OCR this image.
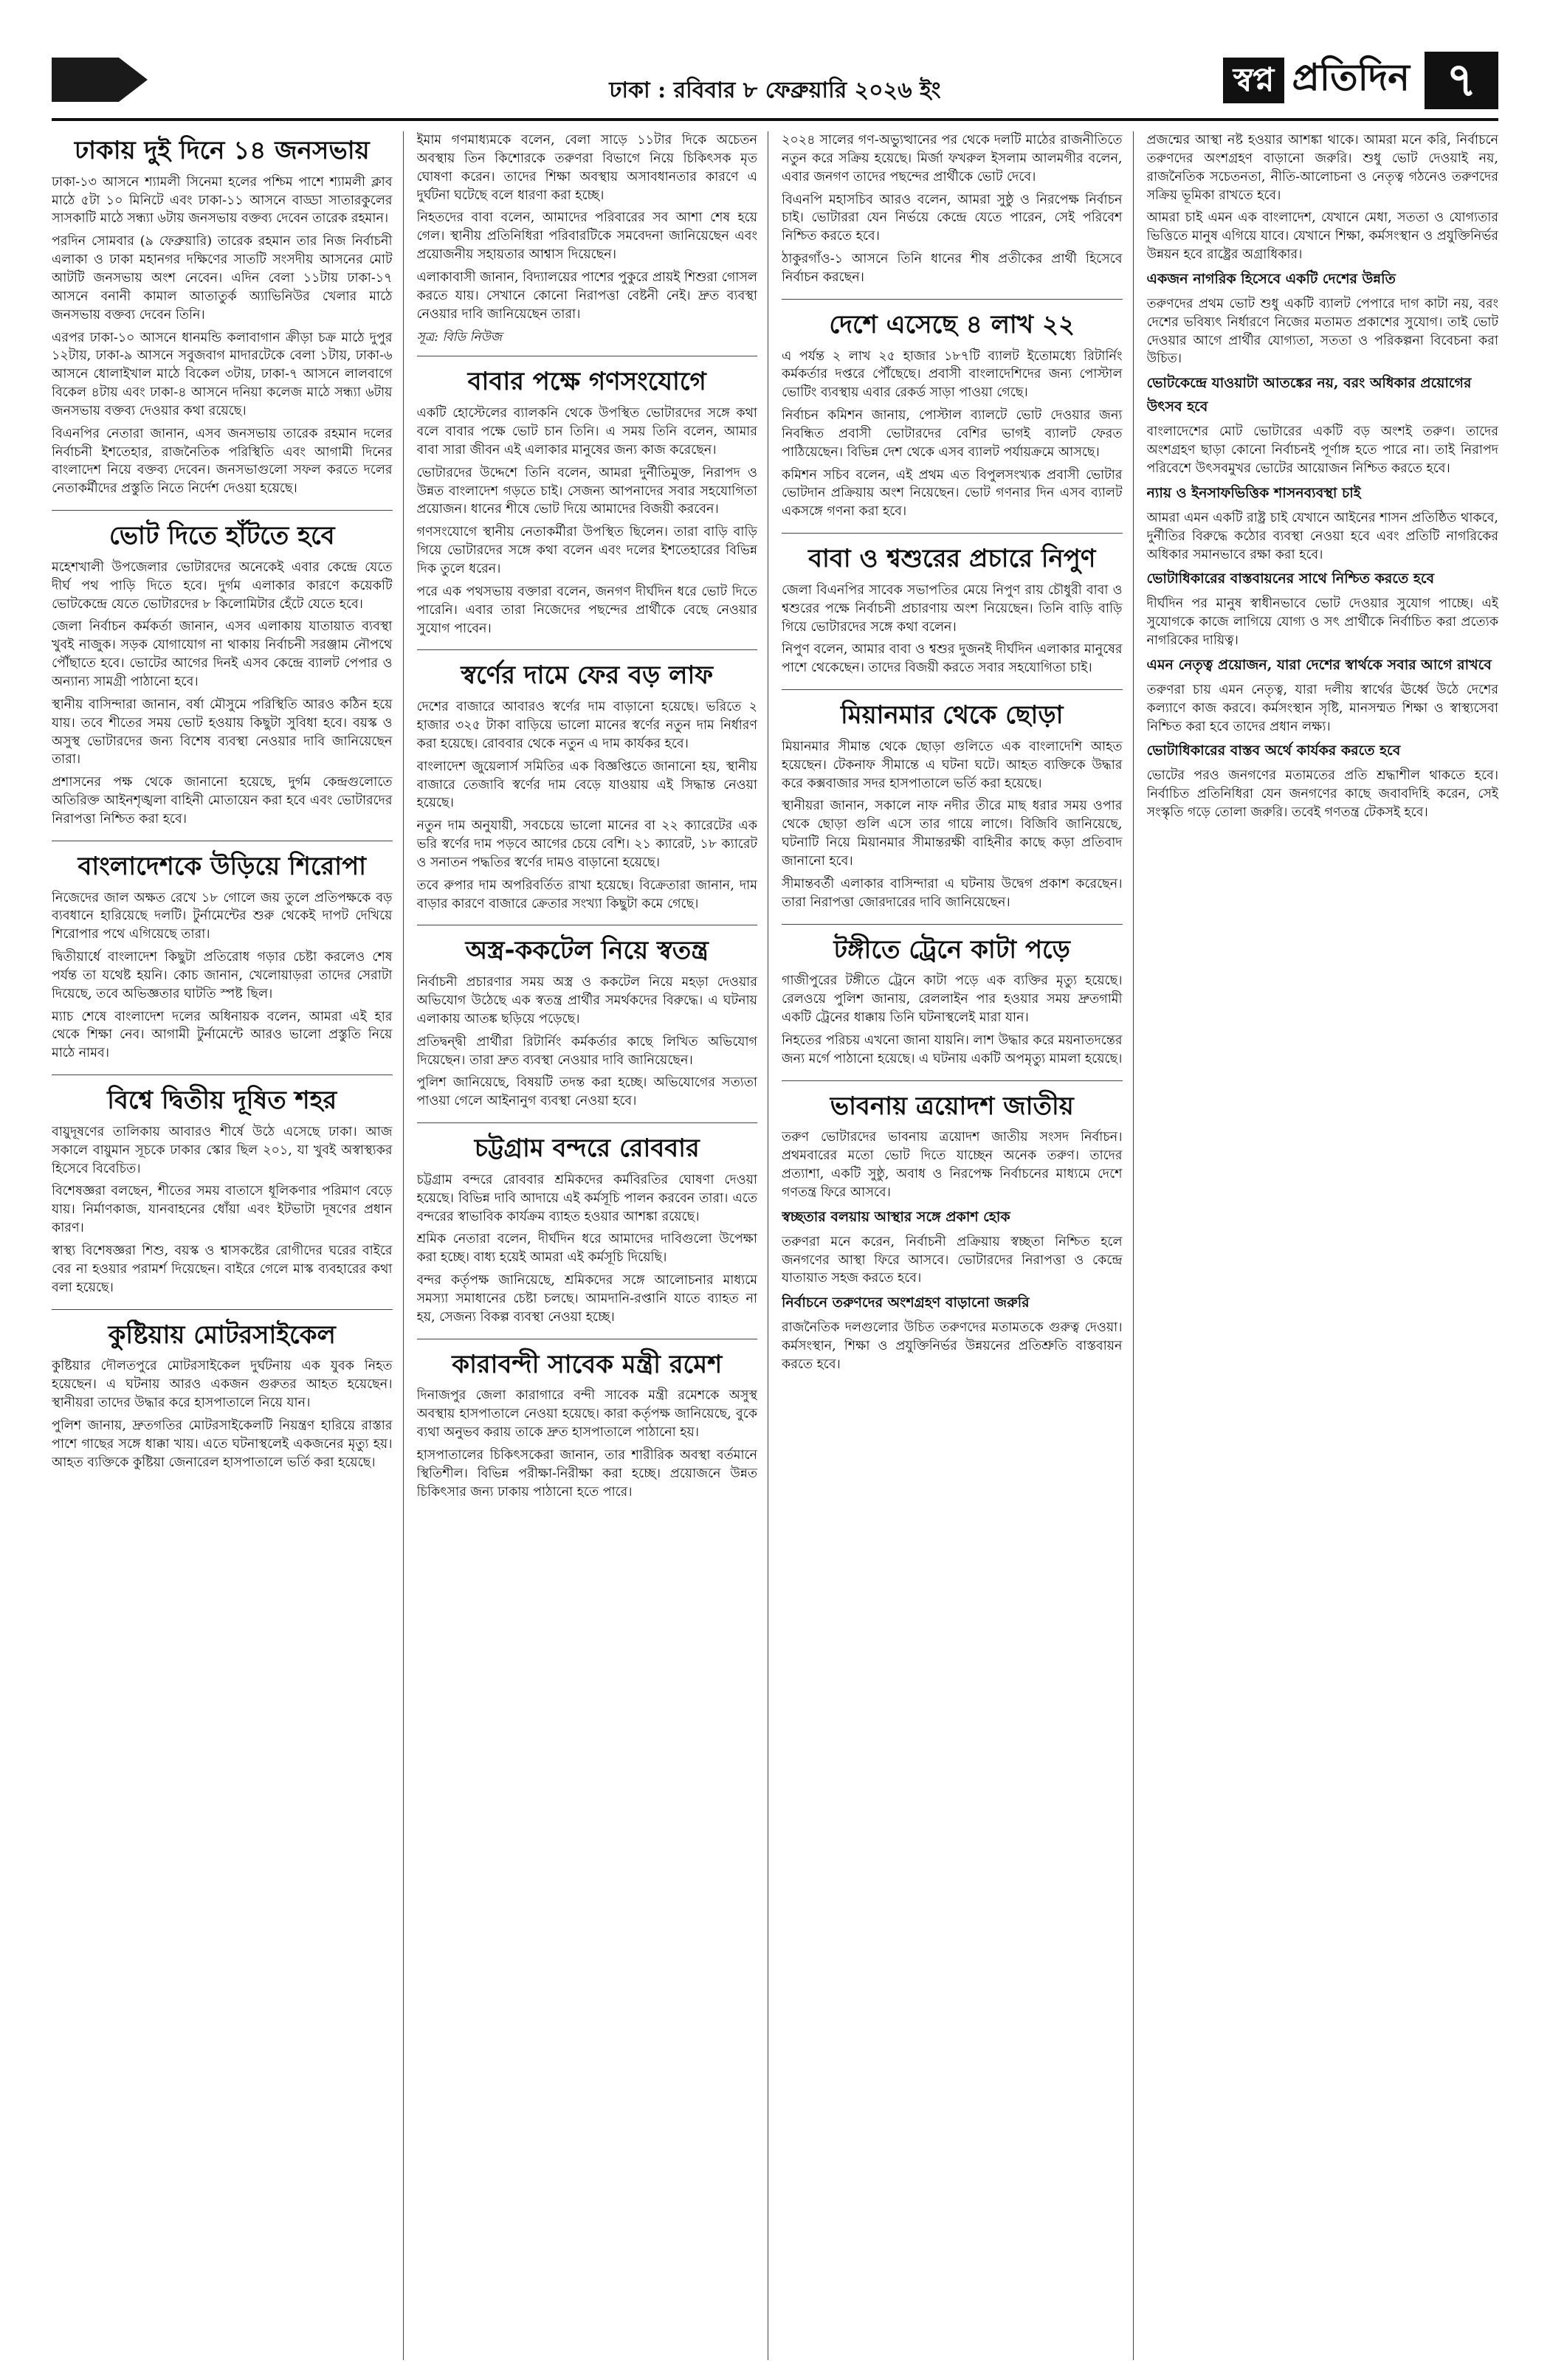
ঢাকা : রবিবার ৮ ফেব্রুয়ারি ২০২৬ ইং	স্বপ্ন প্রতিদিন ৭
ঢাকায় দুই দিনে ১৪ জনসভায়

ঢাকা-১৩ আসনে শ্যামলী সিনেমা হলের পশ্চিম পাশে শ্যামলী ক্লাব মাঠে ৫টা ১০ মিনিটে এবং ঢাকা-১১ আসনে বাড্ডা সাতারকুলের সাসকাটি মাঠে সন্ধ্যা ৬টায় জনসভায় বক্তব্য দেবেন তারেক রহমান।

পরদিন সোমবার (৯ ফেব্রুয়ারি) তারেক রহমান তার নিজ নির্বাচনী এলাকা ও ঢাকা মহানগর দক্ষিণের সাতটি সংসদীয় আসনের মোট আটটি জনসভায় অংশ নেবেন। এদিন বেলা ১১টায় ঢাকা-১৭ আসনে বনানী কামাল আতাতুর্ক অ্যাভিনিউর খেলার মাঠে জনসভায় বক্তব্য দেবেন তিনি।

এরপর ঢাকা-১০ আসনে ধানমন্ডি কলাবাগান ক্রীড়া চক্র মাঠে দুপুর ১২টায়, ঢাকা-৯ আসনে সবুজবাগ মাদারটেকে বেলা ১টায়, ঢাকা-৬ আসনে ধোলাইখাল মাঠে বিকেল ৩টায়, ঢাকা-৭ আসনে লালবাগে বিকেল ৪টায় এবং ঢাকা-৪ আসনে দনিয়া কলেজ মাঠে সন্ধ্যা ৬টায় জনসভায় বক্তব্য দেওয়ার কথা রয়েছে।

বিএনপির নেতারা জানান, এসব জনসভায় তারেক রহমান দলের নির্বাচনী ইশতেহার, রাজনৈতিক পরিস্থিতি এবং আগামী দিনের বাংলাদেশ নিয়ে বক্তব্য দেবেন। জনসভাগুলো সফল করতে দলের নেতাকর্মীদের প্রস্তুতি নিতে নির্দেশ দেওয়া হয়েছে।

ভোট দিতে হাঁটতে হবে

মহেশখালী উপজেলার ভোটারদের অনেকেই এবার কেন্দ্রে যেতে দীর্ঘ পথ পাড়ি দিতে হবে। দুর্গম এলাকার কারণে কয়েকটি ভোটকেন্দ্রে যেতে ভোটারদের ৮ কিলোমিটার হেঁটে যেতে হবে।

জেলা নির্বাচন কর্মকর্তা জানান, এসব এলাকায় যাতায়াত ব্যবস্থা খুবই নাজুক। সড়ক যোগাযোগ না থাকায় নির্বাচনী সরঞ্জাম নৌপথে পৌঁছাতে হবে। ভোটের আগের দিনই এসব কেন্দ্রে ব্যালট পেপার ও অন্যান্য সামগ্রী পাঠানো হবে।

স্থানীয় বাসিন্দারা জানান, বর্ষা মৌসুমে পরিস্থিতি আরও কঠিন হয়ে যায়। তবে শীতের সময় ভোট হওয়ায় কিছুটা সুবিধা হবে। বয়স্ক ও অসুস্থ ভোটারদের জন্য বিশেষ ব্যবস্থা নেওয়ার দাবি জানিয়েছেন তারা।

প্রশাসনের পক্ষ থেকে জানানো হয়েছে, দুর্গম কেন্দ্রগুলোতে অতিরিক্ত আইনশৃঙ্খলা বাহিনী মোতায়েন করা হবে এবং ভোটারদের নিরাপত্তা নিশ্চিত করা হবে।

বাংলাদেশকে উড়িয়ে শিরোপা

নিজেদের জাল অক্ষত রেখে ১৮ গোলে জয় তুলে প্রতিপক্ষকে বড় ব্যবধানে হারিয়েছে দলটি। টুর্নামেন্টের শুরু থেকেই দাপট দেখিয়ে শিরোপার পথে এগিয়েছে তারা।

দ্বিতীয়ার্ধে বাংলাদেশ কিছুটা প্রতিরোধ গড়ার চেষ্টা করলেও শেষ পর্যন্ত তা যথেষ্ট হয়নি। কোচ জানান, খেলোয়াড়রা তাদের সেরাটা দিয়েছে, তবে অভিজ্ঞতার ঘাটতি স্পষ্ট ছিল।

ম্যাচ শেষে বাংলাদেশ দলের অধিনায়ক বলেন, আমরা এই হার থেকে শিক্ষা নেব। আগামী টুর্নামেন্টে আরও ভালো প্রস্তুতি নিয়ে মাঠে নামব।

বিশ্বে দ্বিতীয় দূষিত শহর

বায়ুদূষণের তালিকায় আবারও শীর্ষে উঠে এসেছে ঢাকা। আজ সকালে বায়ুমান সূচকে ঢাকার স্কোর ছিল ২০১, যা খুবই অস্বাস্থ্যকর হিসেবে বিবেচিত।

বিশেষজ্ঞরা বলছেন, শীতের সময় বাতাসে ধূলিকণার পরিমাণ বেড়ে যায়। নির্মাণকাজ, যানবাহনের ধোঁয়া এবং ইটভাটা দূষণের প্রধান কারণ।

স্বাস্থ্য বিশেষজ্ঞরা শিশু, বয়স্ক ও শ্বাসকষ্টের রোগীদের ঘরের বাইরে বের না হওয়ার পরামর্শ দিয়েছেন। বাইরে গেলে মাস্ক ব্যবহারের কথা বলা হয়েছে।

কুষ্টিয়ায় মোটরসাইকেল

কুষ্টিয়ার দৌলতপুরে মোটরসাইকেল দুর্ঘটনায় এক যুবক নিহত হয়েছেন। এ ঘটনায় আরও একজন গুরুতর আহত হয়েছেন। স্থানীয়রা তাদের উদ্ধার করে হাসপাতালে নিয়ে যান।

পুলিশ জানায়, দ্রুতগতির মোটরসাইকেলটি নিয়ন্ত্রণ হারিয়ে রাস্তার পাশে গাছের সঙ্গে ধাক্কা খায়। এতে ঘটনাস্থলেই একজনের মৃত্যু হয়। আহত ব্যক্তিকে কুষ্টিয়া জেনারেল হাসপাতালে ভর্তি করা হয়েছে।

ইমাম গণমাধ্যমকে বলেন, বেলা সাড়ে ১১টার দিকে অচেতন অবস্থায় তিন কিশোরকে তরুণরা বিভাগে নিয়ে চিকিৎসক মৃত ঘোষণা করেন। তাদের শিক্ষা অবস্থায় অসাবধানতার কারণে এ দুর্ঘটনা ঘটেছে বলে ধারণা করা হচ্ছে।

নিহতদের বাবা বলেন, আমাদের পরিবারের সব আশা শেষ হয়ে গেল। স্থানীয় প্রতিনিধিরা পরিবারটিকে সমবেদনা জানিয়েছেন এবং প্রয়োজনীয় সহায়তার আশ্বাস দিয়েছেন।

এলাকাবাসী জানান, বিদ্যালয়ের পাশের পুকুরে প্রায়ই শিশুরা গোসল করতে যায়। সেখানে কোনো নিরাপত্তা বেষ্টনী নেই। দ্রুত ব্যবস্থা নেওয়ার দাবি জানিয়েছেন তারা।

সূত্র: বিডি নিউজ
বাবার পক্ষে গণসংযোগে

একটি হোস্টেলের ব্যালকনি থেকে উপস্থিত ভোটারদের সঙ্গে কথা বলে বাবার পক্ষে ভোট চান তিনি। এ সময় তিনি বলেন, আমার বাবা সারা জীবন এই এলাকার মানুষের জন্য কাজ করেছেন।

ভোটারদের উদ্দেশে তিনি বলেন, আমরা দুর্নীতিমুক্ত, নিরাপদ ও উন্নত বাংলাদেশ গড়তে চাই। সেজন্য আপনাদের সবার সহযোগিতা প্রয়োজন। ধানের শীষে ভোট দিয়ে আমাদের বিজয়ী করবেন।

গণসংযোগে স্থানীয় নেতাকর্মীরা উপস্থিত ছিলেন। তারা বাড়ি বাড়ি গিয়ে ভোটারদের সঙ্গে কথা বলেন এবং দলের ইশতেহারের বিভিন্ন দিক তুলে ধরেন।

পরে এক পথসভায় বক্তারা বলেন, জনগণ দীর্ঘদিন ধরে ভোট দিতে পারেনি। এবার তারা নিজেদের পছন্দের প্রার্থীকে বেছে নেওয়ার সুযোগ পাবেন।

স্বর্ণের দামে ফের বড় লাফ

দেশের বাজারে আবারও স্বর্ণের দাম বাড়ানো হয়েছে। ভরিতে ২ হাজার ৩২৫ টাকা বাড়িয়ে ভালো মানের স্বর্ণের নতুন দাম নির্ধারণ করা হয়েছে। রোববার থেকে নতুন এ দাম কার্যকর হবে।

বাংলাদেশ জুয়েলার্স সমিতির এক বিজ্ঞপ্তিতে জানানো হয়, স্থানীয় বাজারে তেজাবি স্বর্ণের দাম বেড়ে যাওয়ায় এই সিদ্ধান্ত নেওয়া হয়েছে।

নতুন দাম অনুযায়ী, সবচেয়ে ভালো মানের বা ২২ ক্যারেটের এক ভরি স্বর্ণের দাম পড়বে আগের চেয়ে বেশি। ২১ ক্যারেট, ১৮ ক্যারেট ও সনাতন পদ্ধতির স্বর্ণের দামও বাড়ানো হয়েছে।

তবে রুপার দাম অপরিবর্তিত রাখা হয়েছে। বিক্রেতারা জানান, দাম বাড়ার কারণে বাজারে ক্রেতার সংখ্যা কিছুটা কমে গেছে।

অস্ত্র-ককটেল নিয়ে স্বতন্ত্র

নির্বাচনী প্রচারণার সময় অস্ত্র ও ককটেল নিয়ে মহড়া দেওয়ার অভিযোগ উঠেছে এক স্বতন্ত্র প্রার্থীর সমর্থকদের বিরুদ্ধে। এ ঘটনায় এলাকায় আতঙ্ক ছড়িয়ে পড়েছে।

প্রতিদ্বন্দ্বী প্রার্থীরা রিটার্নিং কর্মকর্তার কাছে লিখিত অভিযোগ দিয়েছেন। তারা দ্রুত ব্যবস্থা নেওয়ার দাবি জানিয়েছেন।

পুলিশ জানিয়েছে, বিষয়টি তদন্ত করা হচ্ছে। অভিযোগের সত্যতা পাওয়া গেলে আইনানুগ ব্যবস্থা নেওয়া হবে।

চট্টগ্রাম বন্দরে রোববার

চট্টগ্রাম বন্দরে রোববার শ্রমিকদের কর্মবিরতির ঘোষণা দেওয়া হয়েছে। বিভিন্ন দাবি আদায়ে এই কর্মসূচি পালন করবেন তারা। এতে বন্দরের স্বাভাবিক কার্যক্রম ব্যাহত হওয়ার আশঙ্কা রয়েছে।

শ্রমিক নেতারা বলেন, দীর্ঘদিন ধরে আমাদের দাবিগুলো উপেক্ষা করা হচ্ছে। বাধ্য হয়েই আমরা এই কর্মসূচি দিয়েছি।

বন্দর কর্তৃপক্ষ জানিয়েছে, শ্রমিকদের সঙ্গে আলোচনার মাধ্যমে সমস্যা সমাধানের চেষ্টা চলছে। আমদানি-রপ্তানি যাতে ব্যাহত না হয়, সেজন্য বিকল্প ব্যবস্থা নেওয়া হচ্ছে।

কারাবন্দী সাবেক মন্ত্রী রমেশ

দিনাজপুর জেলা কারাগারে বন্দী সাবেক মন্ত্রী রমেশকে অসুস্থ অবস্থায় হাসপাতালে নেওয়া হয়েছে। কারা কর্তৃপক্ষ জানিয়েছে, বুকে ব্যথা অনুভব করায় তাকে দ্রুত হাসপাতালে পাঠানো হয়।

হাসপাতালের চিকিৎসকেরা জানান, তার শারীরিক অবস্থা বর্তমানে স্থিতিশীল। বিভিন্ন পরীক্ষা-নিরীক্ষা করা হচ্ছে। প্রয়োজনে উন্নত চিকিৎসার জন্য ঢাকায় পাঠানো হতে পারে।

২০২৪ সালের গণ-অভ্যুত্থানের পর থেকে দলটি মাঠের রাজনীতিতে নতুন করে সক্রিয় হয়েছে। মির্জা ফখরুল ইসলাম আলমগীর বলেন, এবার জনগণ তাদের পছন্দের প্রার্থীকে ভোট দেবে।

বিএনপি মহাসচিব আরও বলেন, আমরা সুষ্ঠু ও নিরপেক্ষ নির্বাচন চাই। ভোটাররা যেন নির্ভয়ে কেন্দ্রে যেতে পারেন, সেই পরিবেশ নিশ্চিত করতে হবে।

ঠাকুরগাঁও-১ আসনে তিনি ধানের শীষ প্রতীকের প্রার্থী হিসেবে নির্বাচন করছেন।

দেশে এসেছে ৪ লাখ ২২

এ পর্যন্ত ২ লাখ ২৫ হাজার ১৮৭টি ব্যালট ইতোমধ্যে রিটার্নিং কর্মকর্তার দপ্তরে পৌঁছেছে। প্রবাসী বাংলাদেশিদের জন্য পোস্টাল ভোটিং ব্যবস্থায় এবার রেকর্ড সাড়া পাওয়া গেছে।

নির্বাচন কমিশন জানায়, পোস্টাল ব্যালটে ভোট দেওয়ার জন্য নিবন্ধিত প্রবাসী ভোটারদের বেশির ভাগই ব্যালট ফেরত পাঠিয়েছেন। বিভিন্ন দেশ থেকে এসব ব্যালট পর্যায়ক্রমে আসছে।

কমিশন সচিব বলেন, এই প্রথম এত বিপুলসংখ্যক প্রবাসী ভোটার ভোটদান প্রক্রিয়ায় অংশ নিয়েছেন। ভোট গণনার দিন এসব ব্যালট একসঙ্গে গণনা করা হবে।

বাবা ও শ্বশুরের প্রচারে নিপুণ

জেলা বিএনপির সাবেক সভাপতির মেয়ে নিপুণ রায় চৌধুরী বাবা ও শ্বশুরের পক্ষে নির্বাচনী প্রচারণায় অংশ নিয়েছেন। তিনি বাড়ি বাড়ি গিয়ে ভোটারদের সঙ্গে কথা বলেন।

নিপুণ বলেন, আমার বাবা ও শ্বশুর দুজনই দীর্ঘদিন এলাকার মানুষের পাশে থেকেছেন। তাদের বিজয়ী করতে সবার সহযোগিতা চাই।

মিয়ানমার থেকে ছোড়া

মিয়ানমার সীমান্ত থেকে ছোড়া গুলিতে এক বাংলাদেশি আহত হয়েছেন। টেকনাফ সীমান্তে এ ঘটনা ঘটে। আহত ব্যক্তিকে উদ্ধার করে কক্সবাজার সদর হাসপাতালে ভর্তি করা হয়েছে।

স্থানীয়রা জানান, সকালে নাফ নদীর তীরে মাছ ধরার সময় ওপার থেকে ছোড়া গুলি এসে তার গায়ে লাগে। বিজিবি জানিয়েছে, ঘটনাটি নিয়ে মিয়ানমার সীমান্তরক্ষী বাহিনীর কাছে কড়া প্রতিবাদ জানানো হবে।

সীমান্তবর্তী এলাকার বাসিন্দারা এ ঘটনায় উদ্বেগ প্রকাশ করেছেন। তারা নিরাপত্তা জোরদারের দাবি জানিয়েছেন।

টঙ্গীতে ট্রেনে কাটা পড়ে

গাজীপুরের টঙ্গীতে ট্রেনে কাটা পড়ে এক ব্যক্তির মৃত্যু হয়েছে। রেলওয়ে পুলিশ জানায়, রেললাইন পার হওয়ার সময় দ্রুতগামী একটি ট্রেনের ধাক্কায় তিনি ঘটনাস্থলেই মারা যান।

নিহতের পরিচয় এখনো জানা যায়নি। লাশ উদ্ধার করে ময়নাতদন্তের জন্য মর্গে পাঠানো হয়েছে। এ ঘটনায় একটি অপমৃত্যু মামলা হয়েছে।

ভাবনায় ত্রয়োদশ জাতীয়

তরুণ ভোটারদের ভাবনায় ত্রয়োদশ জাতীয় সংসদ নির্বাচন। প্রথমবারের মতো ভোট দিতে যাচ্ছেন অনেক তরুণ। তাদের প্রত্যাশা, একটি সুষ্ঠু, অবাধ ও নিরপেক্ষ নির্বাচনের মাধ্যমে দেশে গণতন্ত্র ফিরে আসবে।

স্বচ্ছতার বলয়ায় আস্থার সঙ্গে প্রকাশ হোক

তরুণরা মনে করেন, নির্বাচনী প্রক্রিয়ায় স্বচ্ছতা নিশ্চিত হলে জনগণের আস্থা ফিরে আসবে। ভোটারদের নিরাপত্তা ও কেন্দ্রে যাতায়াত সহজ করতে হবে।

নির্বাচনে তরুণদের অংশগ্রহণ বাড়ানো জরুরি

রাজনৈতিক দলগুলোর উচিত তরুণদের মতামতকে গুরুত্ব দেওয়া। কর্মসংস্থান, শিক্ষা ও প্রযুক্তিনির্ভর উন্নয়নের প্রতিশ্রুতি বাস্তবায়ন করতে হবে।

প্রজন্মের আস্থা নষ্ট হওয়ার আশঙ্কা থাকে। আমরা মনে করি, নির্বাচনে তরুণদের অংশগ্রহণ বাড়ানো জরুরি। শুধু ভোট দেওয়াই নয়, রাজনৈতিক সচেতনতা, নীতি-আলোচনা ও নেতৃত্ব গঠনেও তরুণদের সক্রিয় ভূমিকা রাখতে হবে।

আমরা চাই এমন এক বাংলাদেশ, যেখানে মেধা, সততা ও যোগ্যতার ভিত্তিতে মানুষ এগিয়ে যাবে। যেখানে শিক্ষা, কর্মসংস্থান ও প্রযুক্তিনির্ভর উন্নয়ন হবে রাষ্ট্রের অগ্রাধিকার।

একজন নাগরিক হিসেবে একটি দেশের উন্নতি

তরুণদের প্রথম ভোট শুধু একটি ব্যালট পেপারে দাগ কাটা নয়, বরং দেশের ভবিষ্যৎ নির্ধারণে নিজের মতামত প্রকাশের সুযোগ। তাই ভোট দেওয়ার আগে প্রার্থীর যোগ্যতা, সততা ও পরিকল্পনা বিবেচনা করা উচিত।

ভোটকেন্দ্রে যাওয়াটা আতঙ্কের নয়, বরং অধিকার প্রয়োগের উৎসব হবে

বাংলাদেশের মোট ভোটারের একটি বড় অংশই তরুণ। তাদের অংশগ্রহণ ছাড়া কোনো নির্বাচনই পূর্ণাঙ্গ হতে পারে না। তাই নিরাপদ পরিবেশে উৎসবমুখর ভোটের আয়োজন নিশ্চিত করতে হবে।

ন্যায় ও ইনসাফভিত্তিক শাসনব্যবস্থা চাই

আমরা এমন একটি রাষ্ট্র চাই যেখানে আইনের শাসন প্রতিষ্ঠিত থাকবে, দুর্নীতির বিরুদ্ধে কঠোর ব্যবস্থা নেওয়া হবে এবং প্রতিটি নাগরিকের অধিকার সমানভাবে রক্ষা করা হবে।

ভোটাধিকারের বাস্তবায়নের সাথে নিশ্চিত করতে হবে

দীর্ঘদিন পর মানুষ স্বাধীনভাবে ভোট দেওয়ার সুযোগ পাচ্ছে। এই সুযোগকে কাজে লাগিয়ে যোগ্য ও সৎ প্রার্থীকে নির্বাচিত করা প্রত্যেক নাগরিকের দায়িত্ব।

এমন নেতৃত্ব প্রয়োজন, যারা দেশের স্বার্থকে সবার আগে রাখবে

তরুণরা চায় এমন নেতৃত্ব, যারা দলীয় স্বার্থের ঊর্ধ্বে উঠে দেশের কল্যাণে কাজ করবে। কর্মসংস্থান সৃষ্টি, মানসম্মত শিক্ষা ও স্বাস্থ্যসেবা নিশ্চিত করা হবে তাদের প্রধান লক্ষ্য।

ভোটাধিকারের বাস্তব অর্থে কার্যকর করতে হবে

ভোটের পরও জনগণের মতামতের প্রতি শ্রদ্ধাশীল থাকতে হবে। নির্বাচিত প্রতিনিধিরা যেন জনগণের কাছে জবাবদিহি করেন, সেই সংস্কৃতি গড়ে তোলা জরুরি। তবেই গণতন্ত্র টেকসই হবে।
